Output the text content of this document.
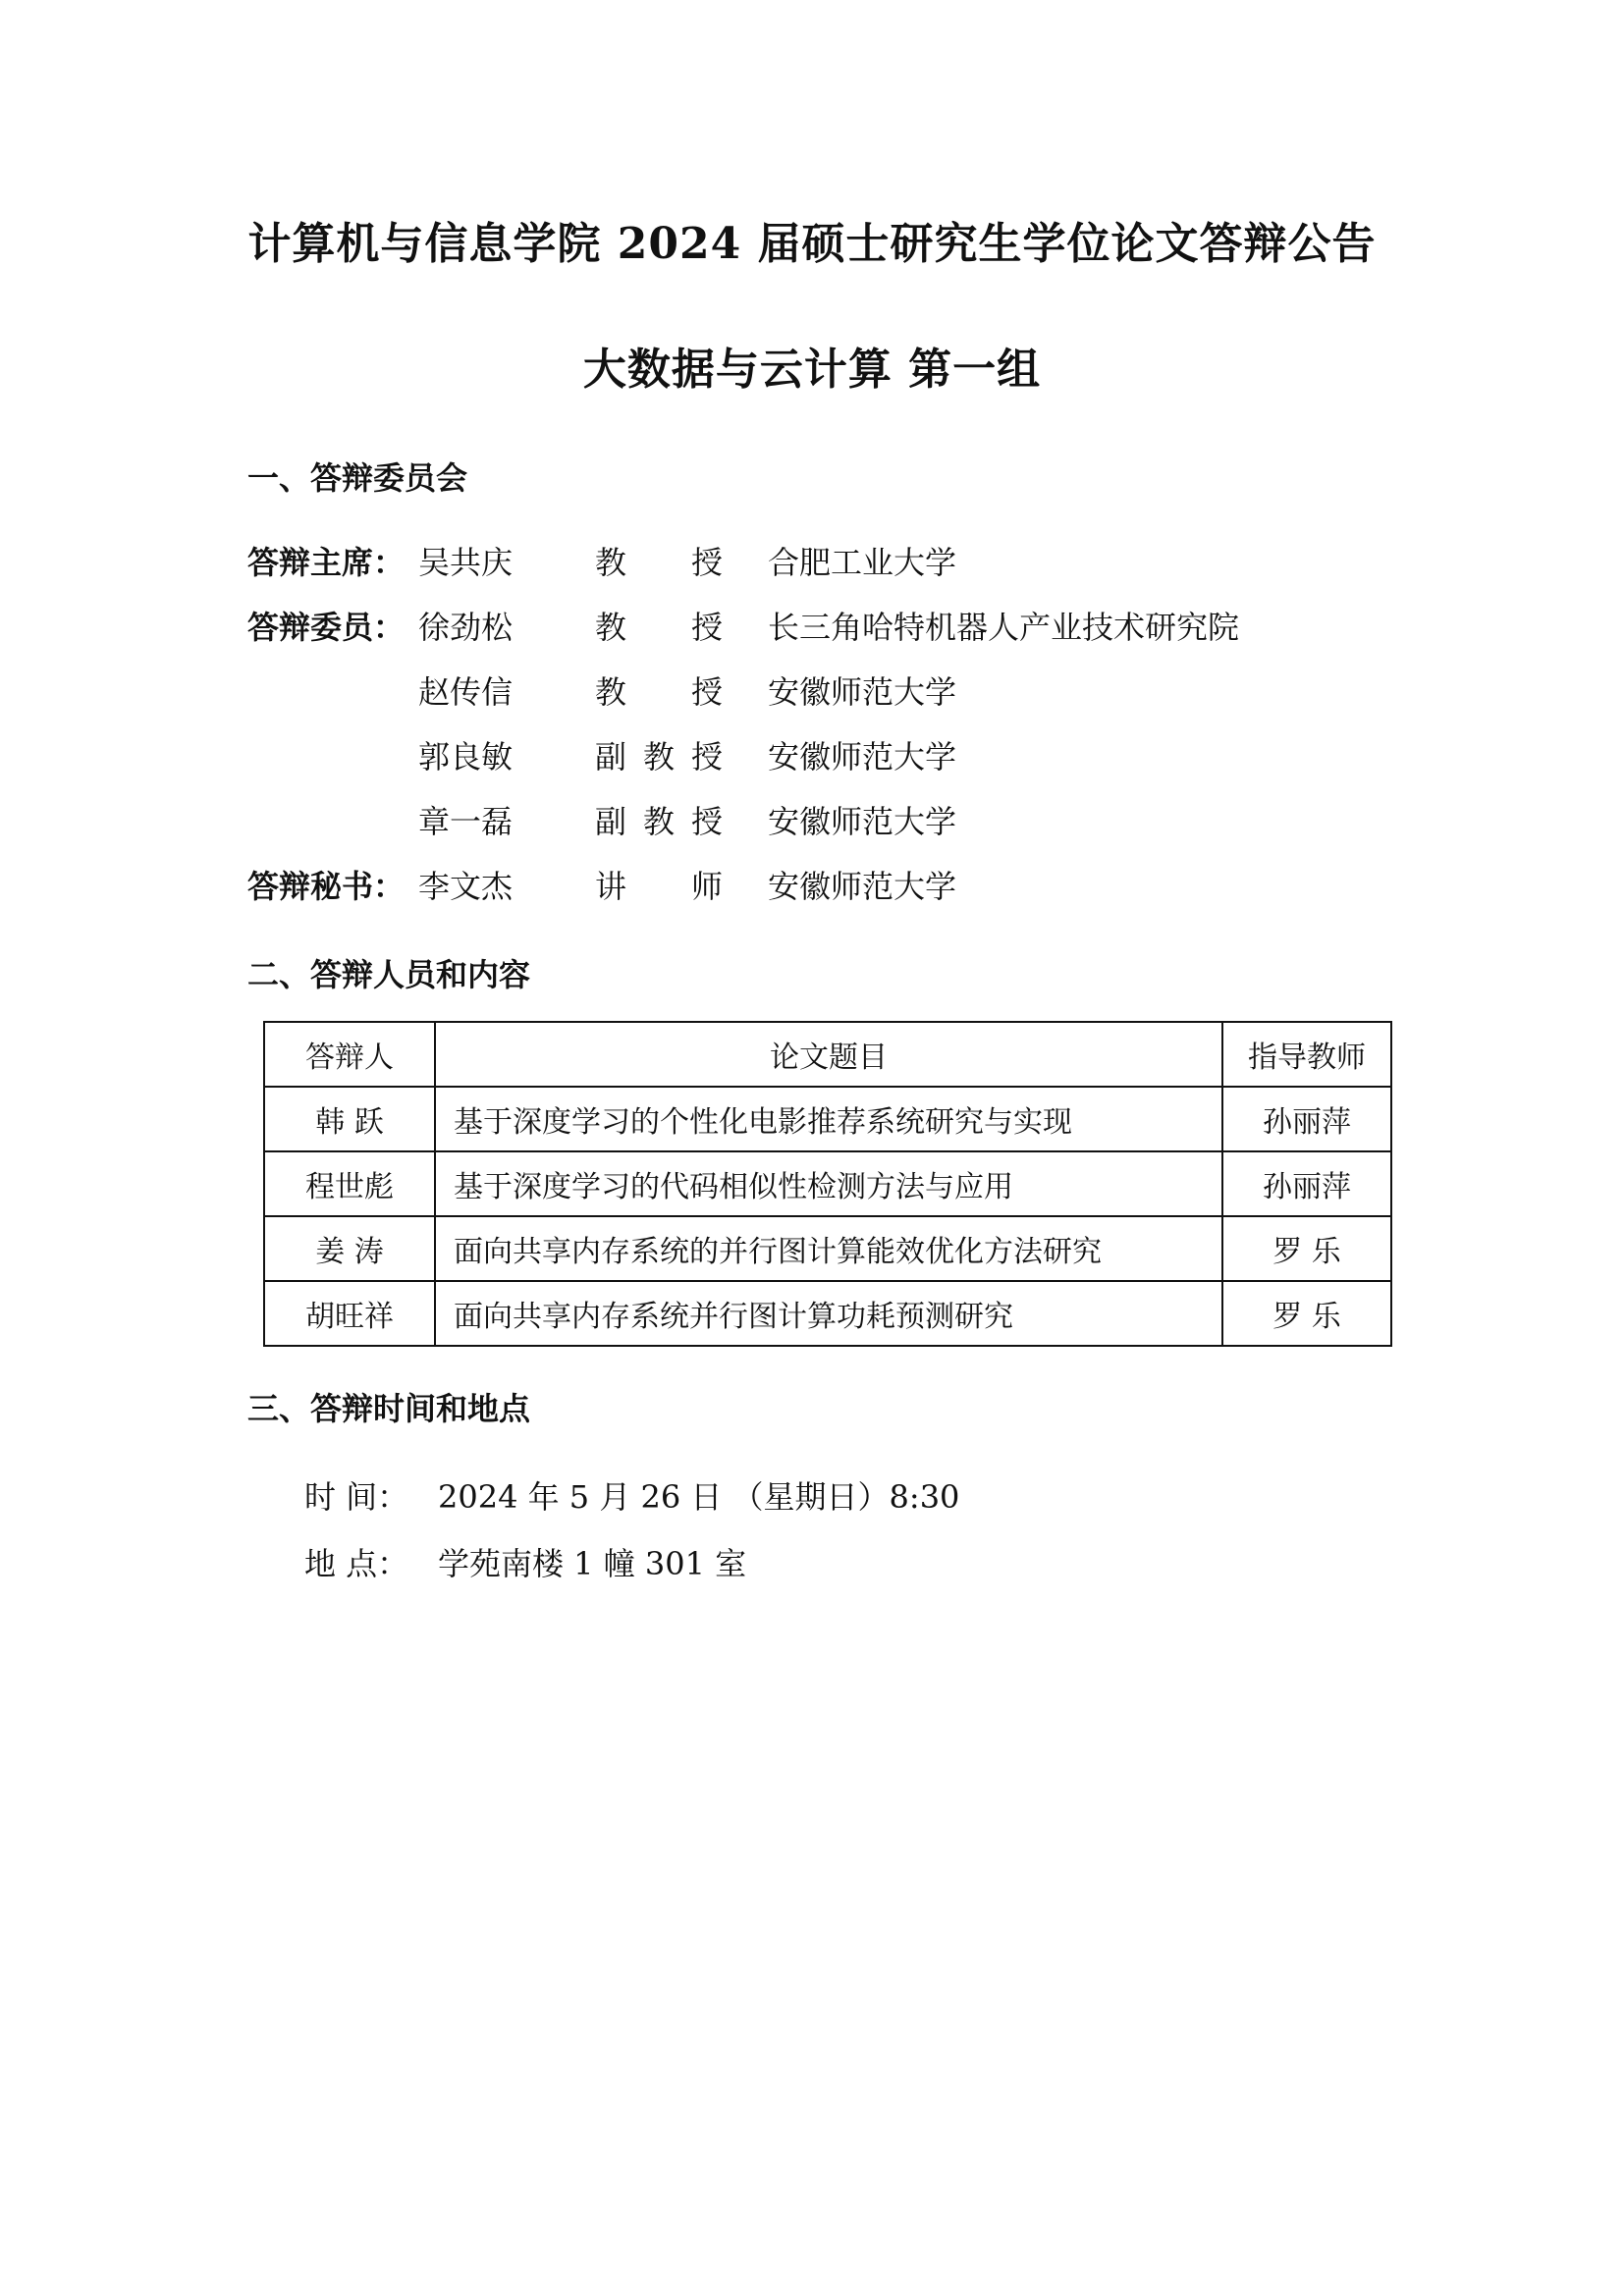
计算机与信息学院 2024 届硕士研究生学位论文答辩公告
大数据与云计算 第一组
一、答辩委员会
答辩主席： 吴共庆	教 授 合肥工业大学
答辩委员： 徐劲松	教 授 长三角哈特机器人产业技术研究院
赵传信	教 授 安徽师范大学
郭良敏	副教授 安徽师范大学
章一磊	副教授 安徽师范大学
答辩秘书： 李文杰	讲 师 安徽师范大学
二、答辩人员和内容
答辩人	论文题目	指导教师
韩 跃	基于深度学习的个性化电影推荐系统研究与实现	孙丽萍
程世彪	基于深度学习的代码相似性检测方法与应用	孙丽萍
姜 涛	面向共享内存系统的并行图计算能效优化方法研究	罗 乐
胡旺祥	面向共享内存系统并行图计算功耗预测研究	罗 乐
三、答辩时间和地点
时 间： 2024 年 5 月 26 日 （星期日）8:30
地 点： 学苑南楼 1 幢 301 室
